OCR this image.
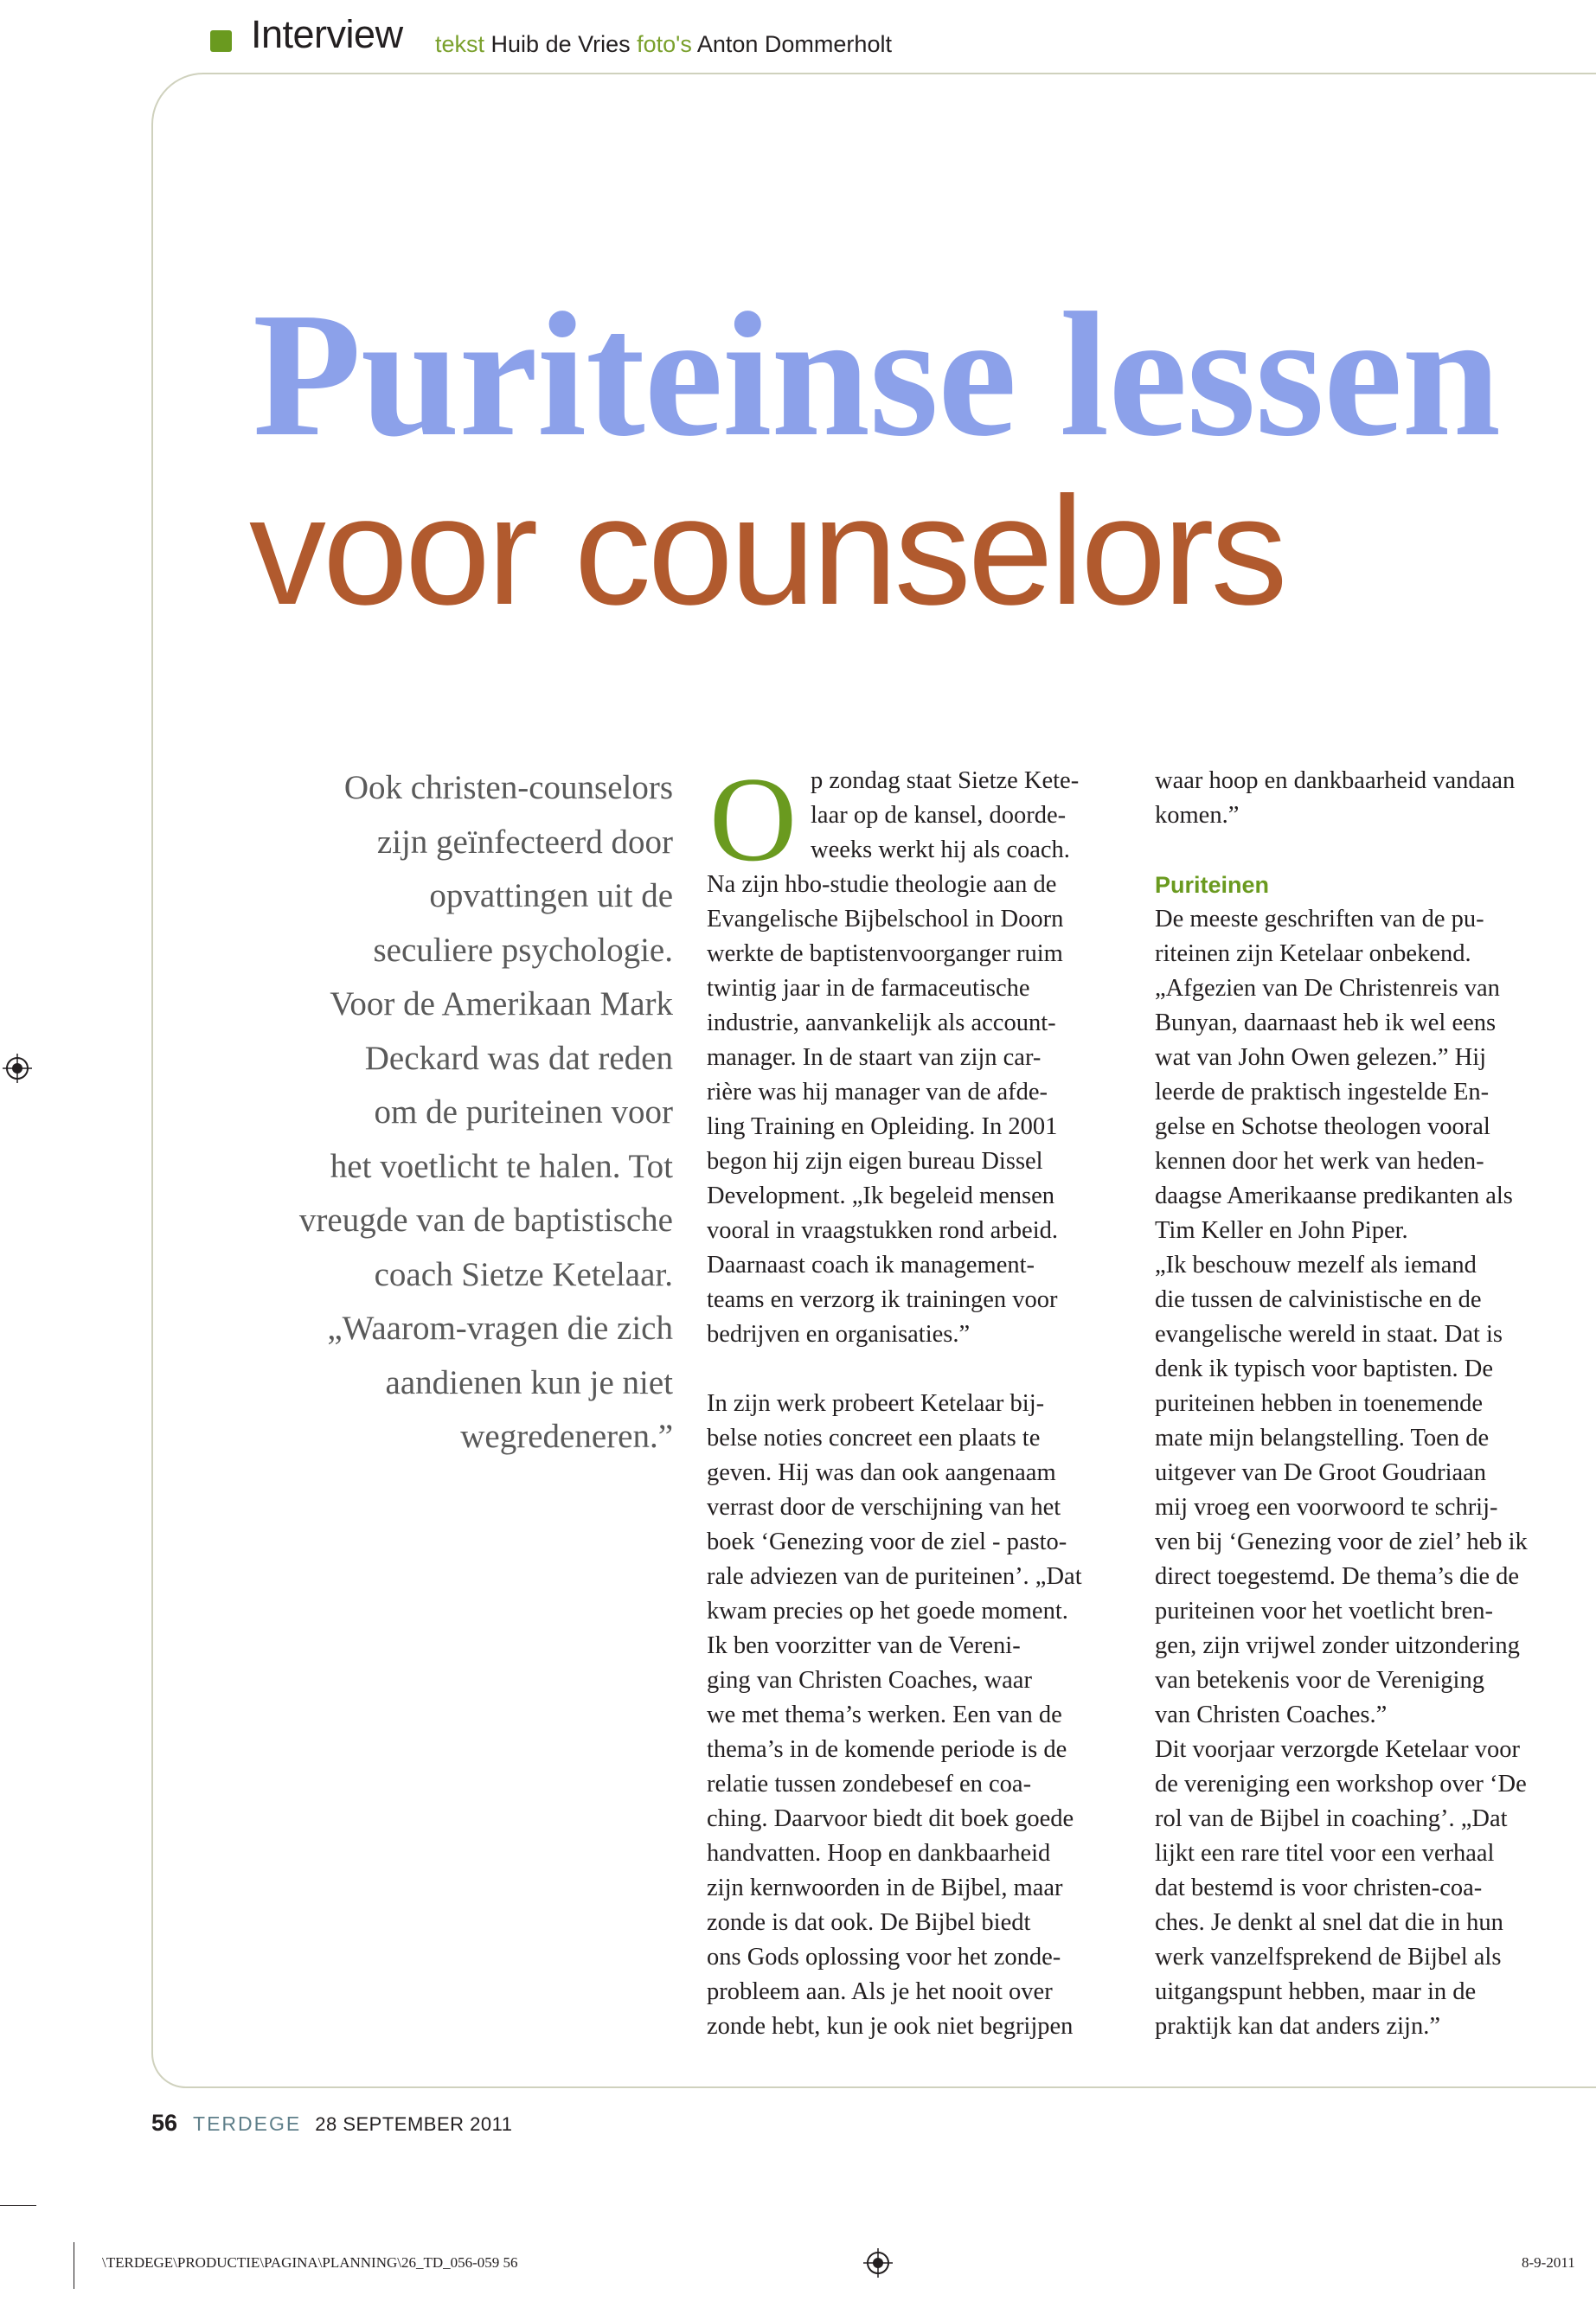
Interview tekst Huib de Vries foto's Anton Dommerholt
Puriteinse lessen
voor counselors
Ook christen-counselors
zijn geïnfecteerd door
opvattingen uit de
seculiere psychologie.
Voor de Amerikaan Mark
Deckard was dat reden
om de puriteinen voor
het voetlicht te halen. Tot
vreugde van de baptistische
coach Sietze Ketelaar.
„Waarom-vragen die zich
aandienen kun je niet
wegredeneren.”
O p zondag staat Sietze Kete-
laar op de kansel, doorde-
weeks werkt hij als coach.
Na zijn hbo-studie theologie aan de
Evangelische Bijbelschool in Doorn
werkte de baptistenvoorganger ruim
twintig jaar in de farmaceutische
industrie, aanvankelijk als account-
manager. In de staart van zijn car-
rière was hij manager van de afde-
ling Training en Opleiding. In 2001
begon hij zijn eigen bureau Dissel
Development. „Ik begeleid mensen
vooral in vraagstukken rond arbeid.
Daarnaast coach ik management-
teams en verzorg ik trainingen voor
bedrijven en organisaties.”
In zijn werk probeert Ketelaar bij-
belse noties concreet een plaats te
geven. Hij was dan ook aangenaam
verrast door de verschijning van het
boek ‘Genezing voor de ziel - pasto-
rale adviezen van de puriteinen’. „Dat
kwam precies op het goede moment.
Ik ben voorzitter van de Vereni-
ging van Christen Coaches, waar
we met thema’s werken. Een van de
thema’s in de komende periode is de
relatie tussen zondebesef en coa-
ching. Daarvoor biedt dit boek goede
handvatten. Hoop en dankbaarheid
zijn kernwoorden in de Bijbel, maar
zonde is dat ook. De Bijbel biedt
ons Gods oplossing voor het zonde-
probleem aan. Als je het nooit over
zonde hebt, kun je ook niet begrijpen
waar hoop en dankbaarheid vandaan
komen.”
Puriteinen
De meeste geschriften van de pu-
riteinen zijn Ketelaar onbekend.
„Afgezien van De Christenreis van
Bunyan, daarnaast heb ik wel eens
wat van John Owen gelezen.” Hij
leerde de praktisch ingestelde En-
gelse en Schotse theologen vooral
kennen door het werk van heden-
daagse Amerikaanse predikanten als
Tim Keller en John Piper.
„Ik beschouw mezelf als iemand
die tussen de calvinistische en de
evangelische wereld in staat. Dat is
denk ik typisch voor baptisten. De
puriteinen hebben in toenemende
mate mijn belangstelling. Toen de
uitgever van De Groot Goudriaan
mij vroeg een voorwoord te schrij-
ven bij ‘Genezing voor de ziel’ heb ik
direct toegestemd. De thema’s die de
puriteinen voor het voetlicht bren-
gen, zijn vrijwel zonder uitzondering
van betekenis voor de Vereniging
van Christen Coaches.”
Dit voorjaar verzorgde Ketelaar voor
de vereniging een workshop over ‘De
rol van de Bijbel in coaching’. „Dat
lijkt een rare titel voor een verhaal
dat bestemd is voor christen-coa-
ches. Je denkt al snel dat die in hun
werk vanzelfsprekend de Bijbel als
uitgangspunt hebben, maar in de
praktijk kan dat anders zijn.”
56 TERDEGE 28 SEPTEMBER 2011
\TERDEGE\PRODUCTIE\PAGINA\PLANNING\26_TD_056-059 56	8-9-2011
